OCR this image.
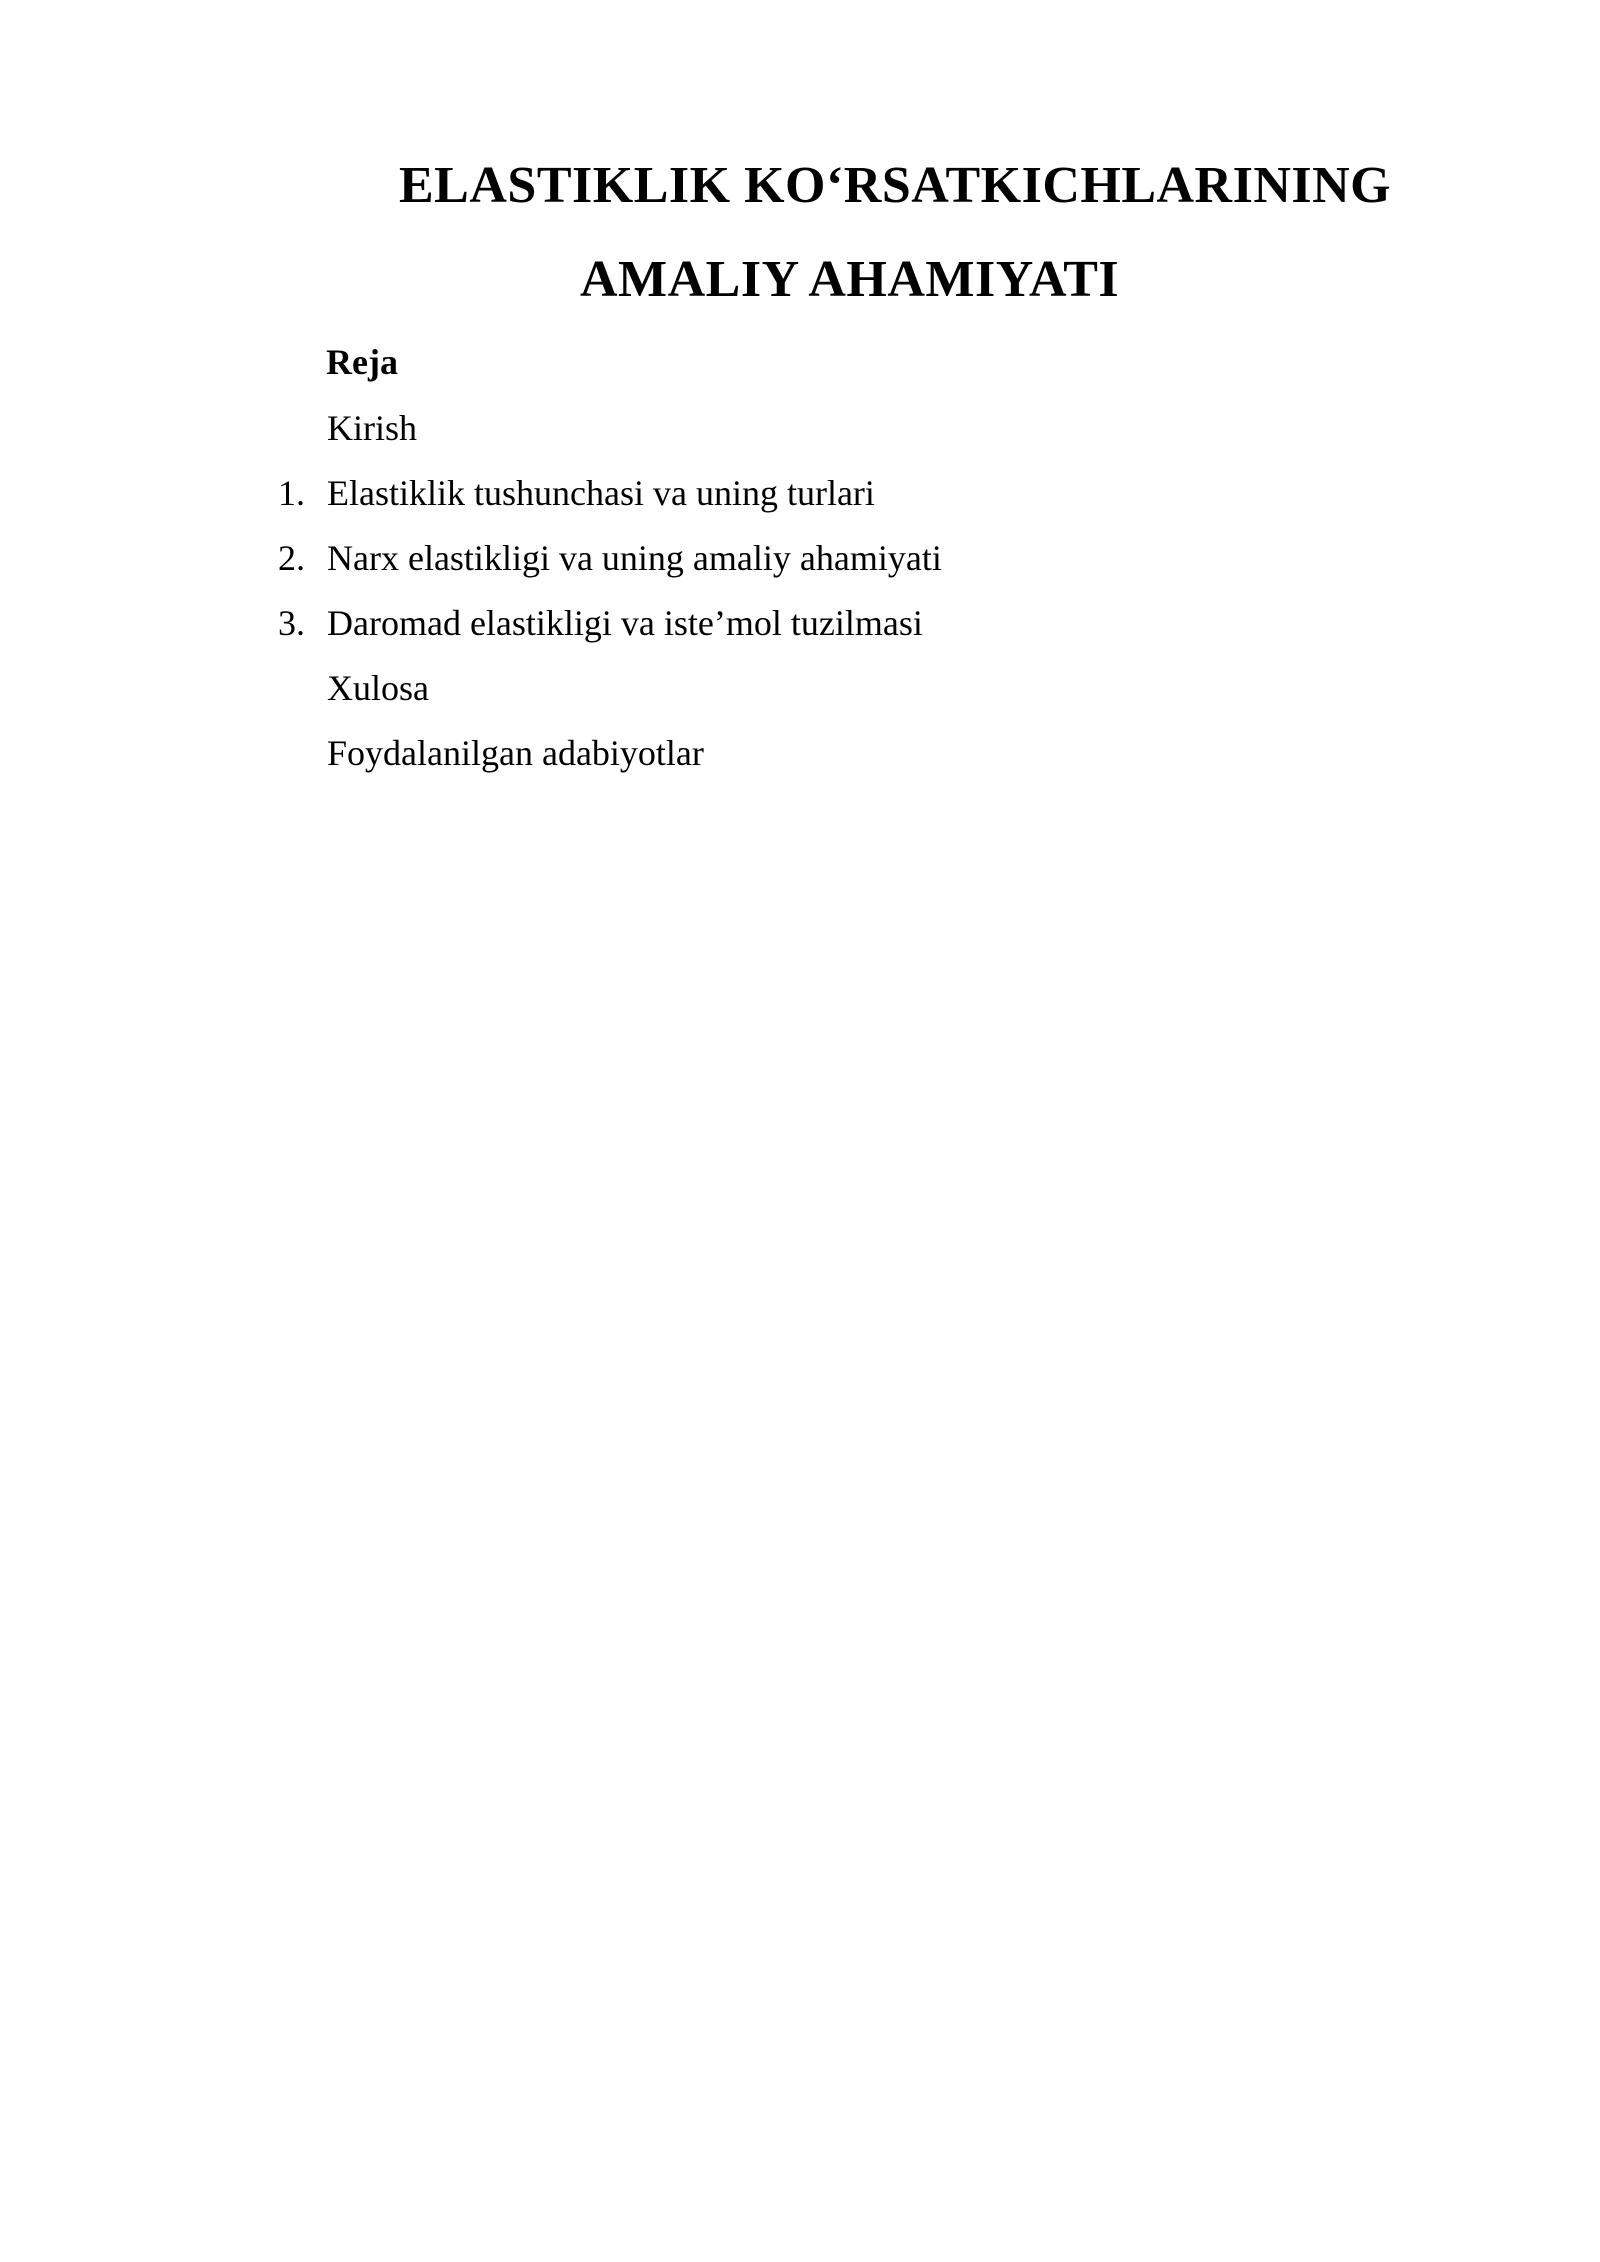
ELASTIKLIK KO‘RSATKICHLARINING
AMALIY AHAMIYATI
Reja
Kirish
1. Elastiklik tushunchasi va uning turlari
2. Narx elastikligi va uning amaliy ahamiyati
3. Daromad elastikligi va iste’mol tuzilmasi
Xulosa
Foydalanilgan adabiyotlar
